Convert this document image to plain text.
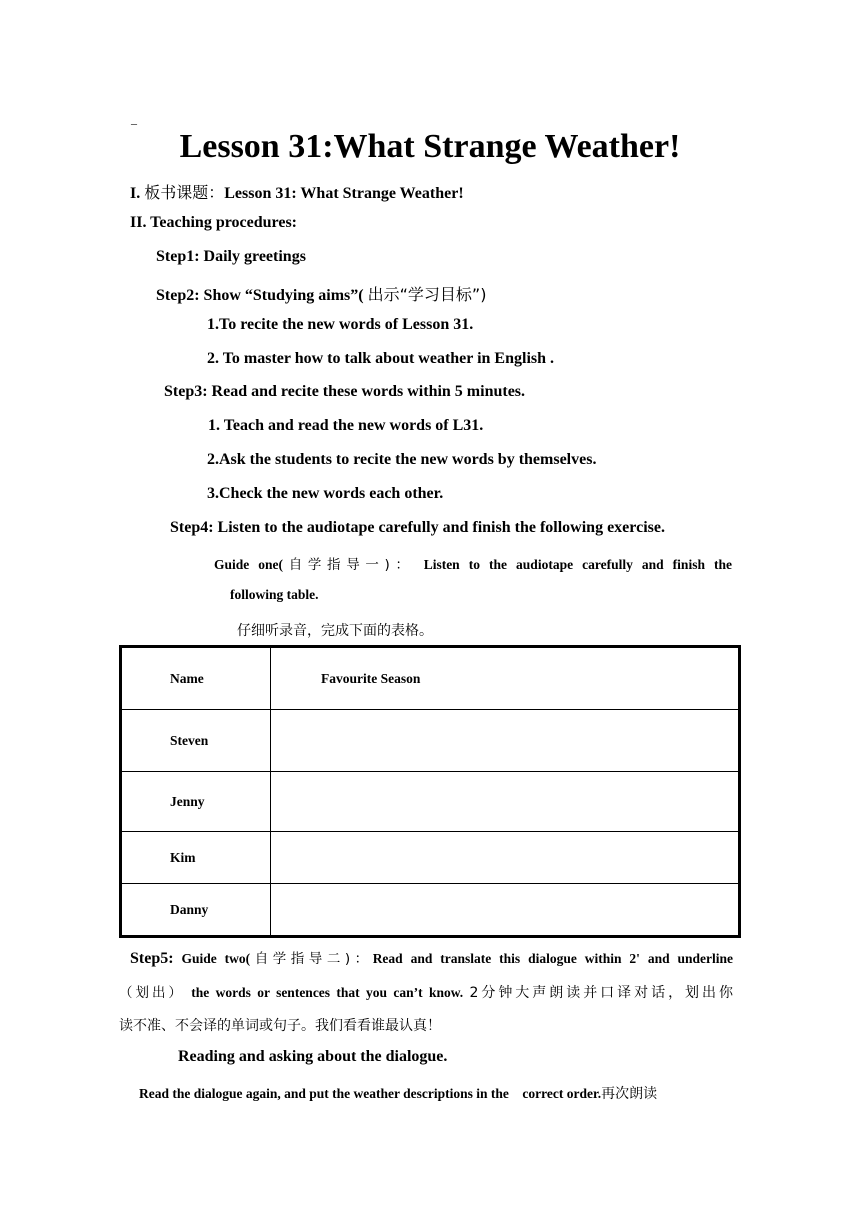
–
Lesson 31:What Strange Weather!
I. 板书课题：Lesson 31: What Strange Weather!
II. Teaching procedures:
Step1: Daily greetings
Step2: Show “Studying aims”( 出示“学习目标”)
1.To recite the new words of Lesson 31.
2. To master how to talk about weather in English .
Step3: Read and recite these words within 5 minutes.
1. Teach and read the new words of L31.
2.Ask the students to recite the new words by themselves.
3.Check the new words each other.
Step4: Listen to the audiotape carefully and finish the following exercise.
Guide one(自学指导一)： Listen to the audiotape carefully and finish the
following table.
仔细听录音，完成下面的表格。
Name	Favourite Season
Steven	
Jenny	
Kim	
Danny	
Step5: Guide two(自学指导二)：Read and translate this dialogue within 2' and underline
（划出） the words or sentences that you can’t know. 2分钟大声朗读并口译对话，划出你
读不准、不会译的单词或句子。我们看看谁最认真！
Reading and asking about the dialogue.
Read the dialogue again, and put the weather descriptions in the    correct order.再次朗读
